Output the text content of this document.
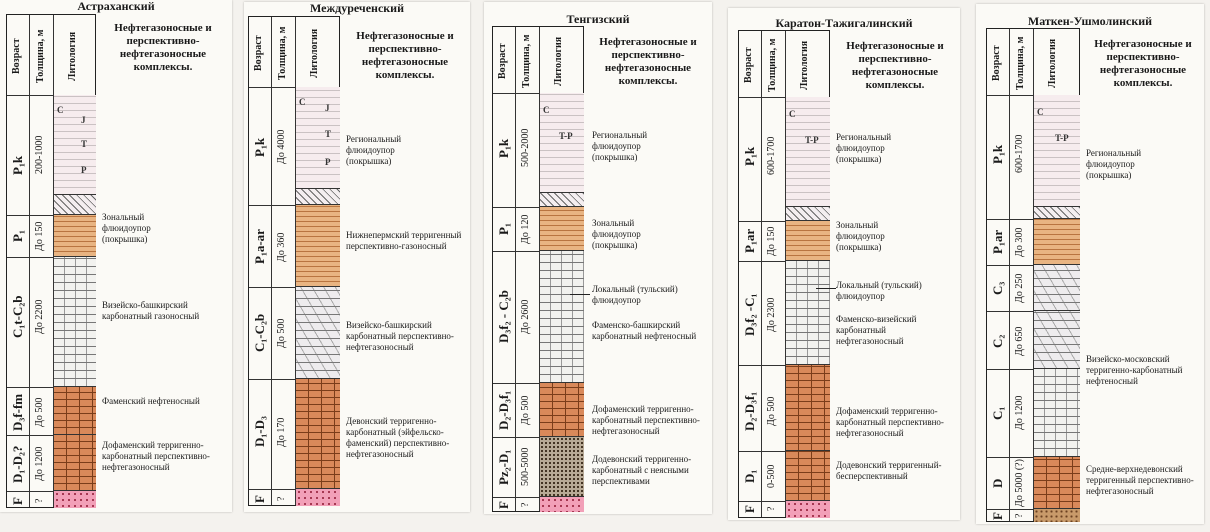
Астраханский
Возраст Толщина, м Литология
P₁k 200-1000
P₁ До 150
C₁t-C₂b До 2200
D₃f-fm До 500
D₁-D₂? До 1200
F ?
C
J
T
P
Нефтегазоносные и перспективно-нефтегазоносные комплексы.
Зональный флюидоупор (покрышка)
Визейско-башкирский карбонатный газоносный
Фаменский нефтеносный
Дофаменский терригенно-карбонатный перспективно-нефтегазоносный
Междуреченский
Возраст Толщина, м Литология
P₁k До 4000
P₁a-ar До 360
C₁-C₂b До 500
D₁-D₃ До 170
F ?
C
J
T
P
Нефтегазоносные и перспективно-нефтегазоносные комплексы.
Региональный флюидоупор (покрышка)
Нижнепермский терригенный перспективно-газоносный
Визейско-башкирский карбонатный перспективно-нефтегазоносный
Девонский терригенно-карбонатный (эйфельско-фаменский) перспективно-нефтегазоносный
Тенгизский
Возраст Толщина, м Литология
P₁k 500-2000
P₁ До 120
D₃f₂ - C₂b До 2600
D₂-D₃f₁ До 500
Pz₂-D₁ 500-5000
F ?
C
T-P
Нефтегазоносные и перспективно-нефтегазоносные комплексы.
Региональный флюидоупор (покрышка)
Зональный флюидоупор (покрышка)
Локальный (тульский) флюидоупор
Фаменско-башкирский карбонатный нефтеносный
Дофаменский терригенно-карбонатный перспективно-нефтегазоносный
Додевонский терригенно-карбонатный с неясными перспективами
Каратон-Тажигалинский
Возраст Толщина, м Литология
P₁k 600-1700
P₁ar До 150
D₃f₂ -C₁ До 2300
D₂-D₃f₁ До 500
D₁ 0-500
F ?
C
T-P
Нефтегазоносные и перспективно-нефтегазоносные комплексы.
Региональный флюидоупор (покрышка)
Зональный флюидоупор (покрышка)
Локальный (тульский) флюидоупор
Фаменско-визейский карбонатный нефтегазоносный
Дофаменский терригенно-карбонатный перспективно-нефтегазоносный
Додевонский терригенный-бесперспективный
Маткен-Ушмолинский
Возраст Толщина, м Литология
P₁k 600-1700
P₁ar До 300
C₃ До 250
C₂ До 650
C₁ До 1200
D До 5000 (?)
F ?
C
T-P
Нефтегазоносные и перспективно-нефтегазоносные комплексы.
Региональный флюидоупор (покрышка)
Визейско-московский терригенно-карбонатный нефтеносный
Средне-верхнедевонский терригенный перспективно-нефтегазоносный
